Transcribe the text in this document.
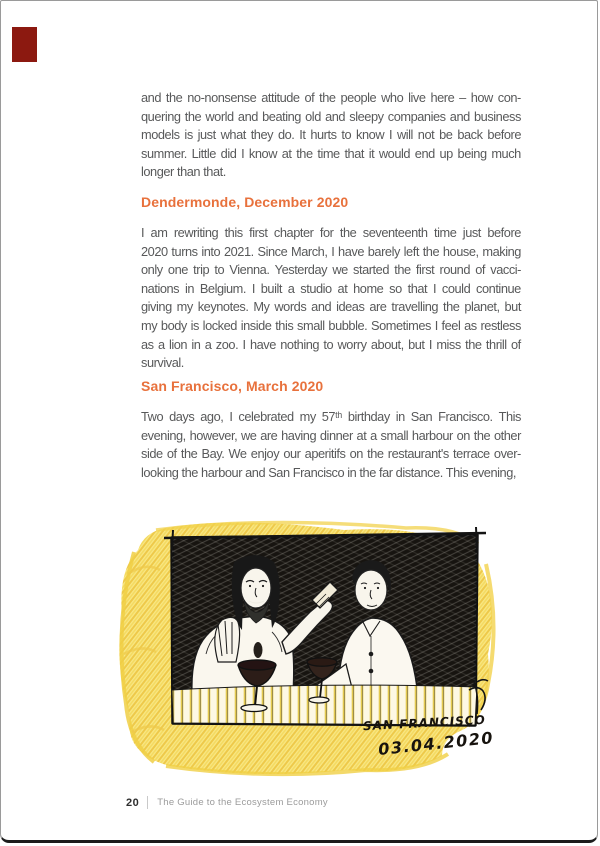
and the no-nonsense attitude of the people who live here – how con-
quering the world and beating old and sleepy companies and business
models is just what they do. It hurts to know I will not be back before
summer. Little did I know at the time that it would end up being much
longer than that.
Dendermonde, December 2020
I am rewriting this first chapter for the seventeenth time just before
2020 turns into 2021. Since March, I have barely left the house, making
only one trip to Vienna. Yesterday we started the first round of vacci-
nations in Belgium. I built a studio at home so that I could continue
giving my keynotes. My words and ideas are travelling the planet, but
my body is locked inside this small bubble. Sometimes I feel as restless
as a lion in a zoo. I have nothing to worry about, but I miss the thrill of
survival.
San Francisco, March 2020
Two days ago, I celebrated my 57ᵗʰ birthday in San Francisco. This
evening, however, we are having dinner at a small harbour on the other
side of the Bay. We enjoy our aperitifs on the restaurant's terrace over-
looking the harbour and San Francisco in the far distance. This evening,
SAN FRANCISCO
03.04.2020
20 The Guide to the Ecosystem Economy
